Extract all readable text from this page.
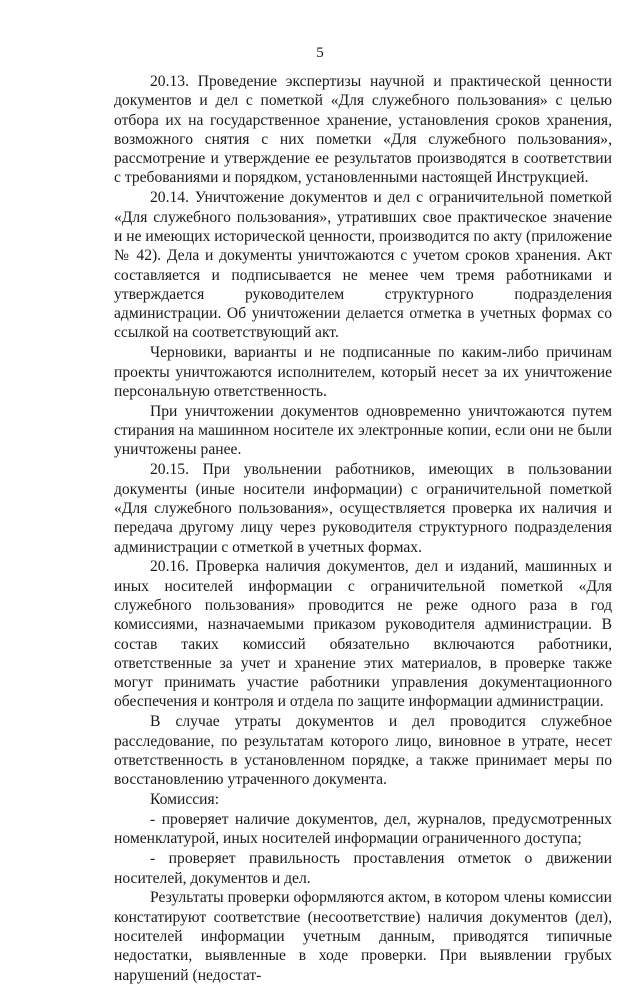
5

20.13. Проведение экспертизы научной и практической ценности документов и дел с пометкой «Для служебного пользования» с целью отбора их на государственное хранение, установления сроков хранения, возможного снятия с них пометки «Для служебного пользования», рассмотрение и утверждение ее результатов производятся в соответствии с требованиями и порядком, установленными настоящей Инструкцией.

20.14. Уничтожение документов и дел с ограничительной пометкой «Для служебного пользования», утративших свое практическое значение и не имеющих исторической ценности, производится по акту (приложение № 42). Дела и документы уничтожаются с учетом сроков хранения. Акт составляется и подписывается не менее чем тремя работниками и утверждается руководителем структурного подразделения администрации. Об уничтожении делается отметка в учетных формах со ссылкой на соответствующий акт.

Черновики, варианты и не подписанные по каким-либо причинам проекты уничтожаются исполнителем, который несет за их уничтожение персональную ответственность.

При уничтожении документов одновременно уничтожаются путем стирания на машинном носителе их электронные копии, если они не были уничтожены ранее.

20.15. При увольнении работников, имеющих в пользовании документы (иные носители информации) с ограничительной пометкой «Для служебного пользования», осуществляется проверка их наличия и передача другому лицу через руководителя структурного подразделения администрации с отметкой в учетных формах.

20.16. Проверка наличия документов, дел и изданий, машинных и иных носителей информации с ограничительной пометкой «Для служебного пользования» проводится не реже одного раза в год комиссиями, назначаемыми приказом руководителя администрации. В состав таких комиссий обязательно включаются работники, ответственные за учет и хранение этих материалов, в проверке также могут принимать участие работники управления документационного обеспечения и контроля и отдела по защите информации администрации.

В случае утраты документов и дел проводится служебное расследование, по результатам которого лицо, виновное в утрате, несет ответственность в установленном порядке, а также принимает меры по восстановлению утраченного документа.

Комиссия:

- проверяет наличие документов, дел, журналов, предусмотренных номенклатурой, иных носителей информации ограниченного доступа;

- проверяет правильность проставления отметок о движении носителей, документов и дел.

Результаты проверки оформляются актом, в котором члены комиссии констатируют соответствие (несоответствие) наличия документов (дел), носителей информации учетным данным, приводятся типичные недостатки, выявленные в ходе проверки. При выявлении грубых нарушений (недостат-
